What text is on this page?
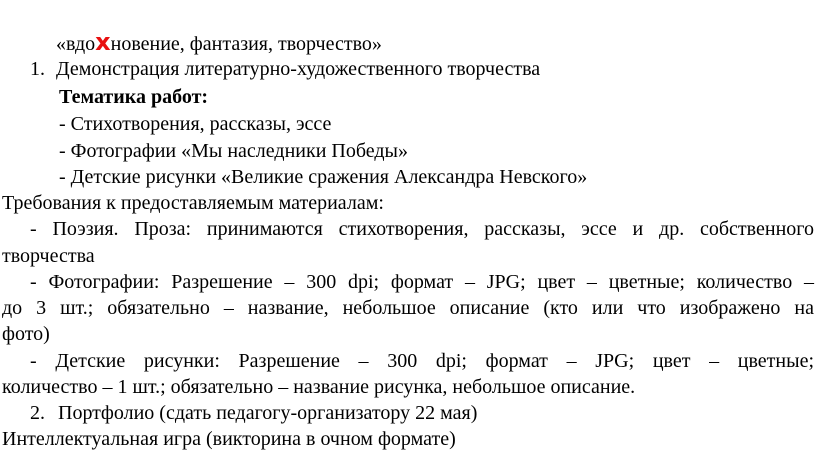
«вдохновение, фантазия, творчество»
1. Демонстрация литературно-художественного творчества
Тематика работ:
- Стихотворения, рассказы, эссе
- Фотографии «Мы наследники Победы»
- Детские рисунки «Великие сражения Александра Невского»
Требования к предоставляемым материалам:
- Поэзия. Проза: принимаются стихотворения, рассказы, эссе и др. собственного
творчества
- Фотографии: Разрешение – 300 dpi; формат – JPG; цвет – цветные; количество –
до 3 шт.; обязательно – название, небольшое описание (кто или что изображено на
фото)
- Детские рисунки: Разрешение – 300 dpi; формат – JPG; цвет – цветные;
количество – 1 шт.; обязательно – название рисунка, небольшое описание.
2. Портфолио (сдать педагогу-организатору 22 мая)
Интеллектуальная игра (викторина в очном формате)
